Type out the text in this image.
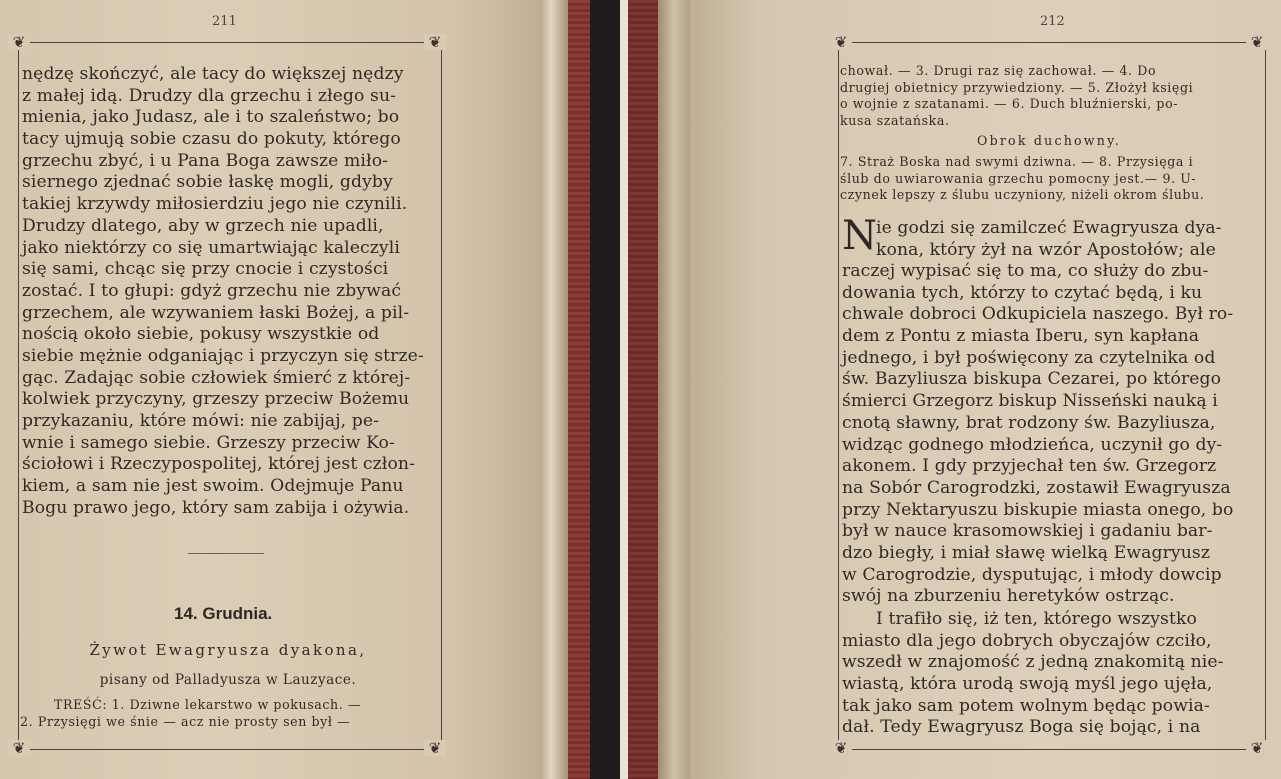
211
❦	❦
❦	❦
nędzę skończyć, ale tacy do większej nędzy
z małej idą. Drudzy dla grzechu i złego su-
mienia, jako Judasz, ale i to szaleństwo; bo
tacy ujmują sobie czasu do pokuty, którego
grzechu zbyć, i u Pana Boga zawsze miło-
siernego zjednać sobie łaskę mogli, gdyby
takiej krzywdy miłosierdziu jego nie czynili.
Drudzy dlatego, aby w grzech nie upadli,
jako niektórzy co się umartwiając kaleczyli
się sami, chcąc się przy cnocie i czystości
zostać. I to głupi: gdyż grzechu nie zbywać
grzechem, ale wzywaniem łaski Bożej, a pil-
nością około siebie, pokusy wszystkie od
siebie mężnie odganiając i przyczyn się strze-
gąc. Zadając sobie człowiek śmierć z której-
kolwiek przyczyny, grzeszy przeciw Bożemu
przykazaniu, które mówi: nie zabijaj, pe-
wnie i samego siebie. Grzeszy przeciw Ko-
ściołowi i Rzeczypospolitej, której jest człon-
kiem, a sam nie jest swoim. Odejmuje Panu
Bogu prawo jego, który sam zabija i ożywia.
14. Grudnia.
Żywot Ewagryusza dyakona,
pisany od Palladyusza w Lauzyace.
TREŚĆ: 1. Dziwne lekarstwo w pokusach. —
2. Przysięgi we śnie — acz nie prosty sen był —
212
❦	❦
❦	❦
chował. — 3. Drugi raz się zachował. — 4. Do
drugiej obietnicy przywiedziony. — 5. Złożył księgi
o wojnie z szatanami. — 6. Duch bluźnierski, po-
kusa szatańska.
Obrok duchowny.
7. Straż Boska nad swymi dziwna. — 8. Przysięga i
ślub do uwiarowania grzechu pomocny jest.— 9. U-
czynek lepszy z ślubu uczyniony, niżeli okrom ślubu.
N ie godzi się zamilczeć Ewagryusza dya-
kona, który żył na wzór Apostołów; ale
raczej wypisać się to ma, co służy do zbu-
dowania tych, którzy to czytać będą, i ku
chwale dobroci Odkupiciela naszego. Był ro-
dem z Pontu z miasta Iberu, syn kapłana
jednego, i był poświęcony za czytelnika od
św. Bazyliusza biskupa Cezarei, po którego
śmierci Grzegorz biskup Nisseński nauką i
cnotą sławny, brat rodzony św. Bazyliusza,
widząc godnego młodzieńca, uczynił go dy-
akonem. I gdy przyjechał ten św. Grzegorz
na Sobór Carogrodzki, zostawił Ewagryusza
przy Nektaryuszu biskupie miasta onego, bo
był w nauce krasomowskiej i gadaniu bar-
dzo biegły, i miał sławę wielką Ewagryusz
w Carogrodzie, dysputując, i młody dowcip
swój na zburzeniu heretyków ostrząc.
I trafiło się, iż ten, którego wszystko
miasto dla jego dobrych obyczajów czciło,
wszedł w znajomość z jedną znakomitą nie-
wiastą, która urodą swoją myśl jego ujęła,
tak jako sam potem wolnym będąc powia-
dał. Tedy Ewagryusz Boga się bojąc, i na
